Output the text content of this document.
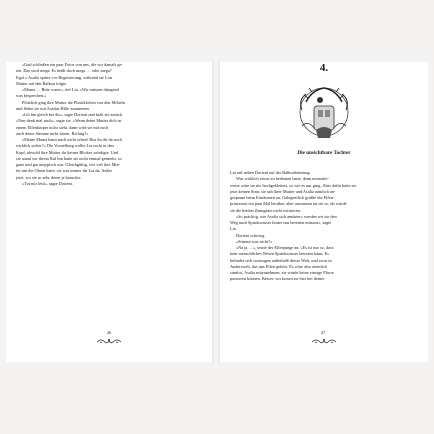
»Und schließen ein paar Fotos von uns, die wir damals ge-

ten. Das wird mega. Es heißt doch mega … oder mega?

Egal.« Asalia spürte vor Begeisterung, während sie Lias

Mutter auf den Balkon folgte.

»Mama … Bitte warte«, rief Lia. »Wir müssen dringend

was besprechen.«

Plötzlich ging ihre Mutter die Plastikfolien von den Möbeln

und flehte sie mit Asalias Hilfe zusammen.

»Ich bin gleich bei dir«, sagte Dorient und hielt sie zurück.

»Nun denk mal nach«, sagte sie. »Wenn deine Mutter dich in

einem Elfenkörper nicht sieht, dann wird sie mit euch

auch deine Stimme nicht hören. Richtig?«

»Meine Mama kann mich nicht sehen! Bist du dir da auch

wirklich sicher?« Die Vorstellung wollte Lia nicht in den

Kopf, obwohl ihre Mutter ihr keines Blickes würdigte. Und

sie stand vor ihrem Ruf hin hatte sie nicht einmal gemerkt, so

ganz und gar untypisch war. Gleichgültig, wie viel ihre Mut-

ter um die Ohren hatte, sie war immer für Lia da. Außer

jetzt, wo sie so sehr deren je brauchte.

»Tut mir leid«, sagte Dorient.

26
4.
Die unsichtbare Tochter

Lia saß neben Dorient auf der Balkonbrüstung.

Was wirklich etwas zu bedeuten hatte, denn normaler-

weise wäre sie nie hochgeklettert, so wie es nur ging. Aber dafür hatte sie

jetzt keinen Sinn, sie sah ihrer Mutter und Asalia nämlich an-

gespannt beim Einräumen zu. Gelegentlich grüßte die Elfen-

prinzessin ein paar Mal herüber, aber ansonsten tat sie so, als würde

sie die beiden Zaungäste nicht existieren.

»So prächtig, wie Asalia sich amüsiert, werden wir sie den

Weg nach Sprinkwasser hinter uns bereiten müssen«, sagte

Lia.

Dorient schwieg.

»Stimmt was nicht?«

»Na ja …«, setzte der Elfenjunge an. »Es ist nur so, dass

kein menschliches Wesen Sprinkwasser betreten kann. Es

befindet sich sozusagen außerhalb dieser Welt, und zwar in

Anderswelt, das uns Elfen gehört. Es wäre also ziemlich

sinnlos, Asalia mitzunehmen, sie würde keine einzige Pforte

passieren können. Besser, wir lassen sie hier bei deiner

27
